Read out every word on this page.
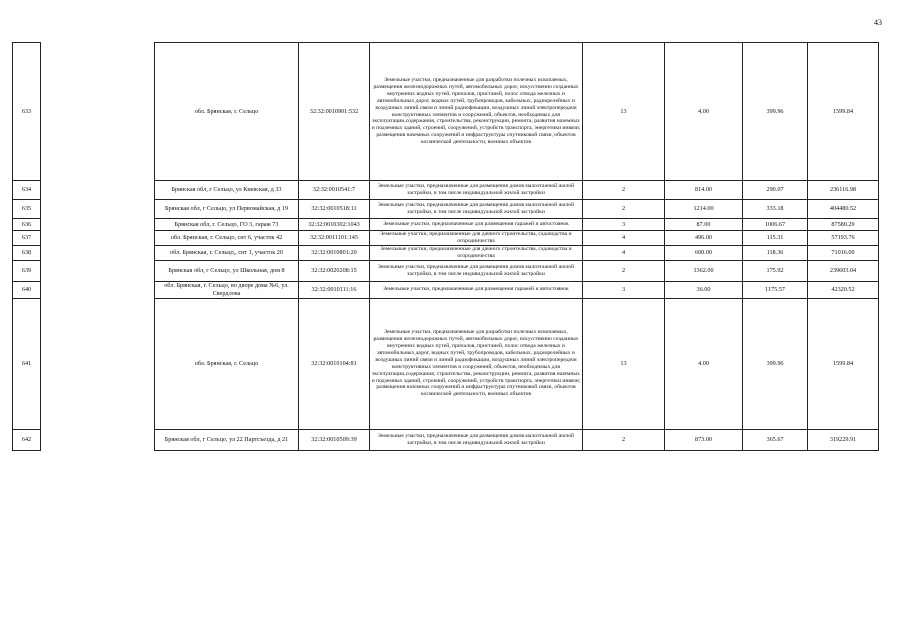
43
633		обл. Брянская, г. Сельцо	32:32:0010901:532	Земельные участки, предназначенные для разработки полезных ископаемых, размещения железнодорожных путей, автомобильных дорог, искусственно созданных внутренних водных путей, причалов, пристаней, полос отвода железных и автомобильных дорог, водных путей, трубопроводов, кабельных, радиорелейных и воздушных линий связи и линий радиофикации, воздушных линий электропередачи конструктивных элементов и сооружений, объектов, необходимых для эксплуатации,содержания, строительства, реконструкции, ремонта, развития наземных и подземных зданий, строений, сооружений, устройств транспорта, энергетики инвязи; размещения наземных сооружений и инфраструктуры спутниковой связи, объектов космической деятельности, военных объектов	13	4.00	399.96	1599.84
634		Брянская обл, г Сельцо, ул Киевская, д 33	32:32:0010541:7	Земельные участки, предназначенные для размещения домов малоэтажной жилой застройки, в том числе индивидуальной жилой застройки	2	814.00	290.07	236116.98
635		Брянская обл, г Сельцо, ул Первомайская, д 19	32:32:0010518:11	Земельные участки, предназначенные для размещения домов малоэтажной жилой застройки, в том числе индивидуальной жилой застройки	2	1214.00	333.18	404480.52
636		Брянская обл, г. Сельцо, ГО 3, гараж 73	32:32:0010302:1043	Земельные участки, предназначенные для размещения гаражей и автостоянок	3	87.00	1006.67	87580.29
637		обл. Брянская, г. Сельцо, снт 6, участок 42	32:32:0011101:145	Земельные участки, предназначенные для дачного строительства, садоводства и огородничества	4	496.00	115.31	57193.76
638		обл. Брянская, г. Сельцо,, снт 1, участок 20	32:32:0010801:20	Земельные участки, предназначенные для дачного строительства, садоводства и огородничества	4	600.00	118.36	71016.00
639		Брянская обл, г Сельцо, ул Школьная, дом 8	32:32:0020208:15	Земельные участки, предназначенные для размещения домов малоэтажной жилой застройки, в том числе индивидуальной жилой застройки	2	1362.00	175.92	239603.04
640		обл. Брянская, г. Сельцо, во дворе дома №6, ул. Свердлова	32:32:0010111:16	Земельные участки, предназначенные для размещения гаражей и автостоянок	3	36.00	1175.57	42320.52
641		обл. Брянская, г. Сельцо	32:32:0010104:81	Земельные участки, предназначенные для разработки полезных ископаемых, размещения железнодорожных путей, автомобильных дорог, искусственно созданных внутренних водных путей, причалов, пристаней, полос отвода железных и автомобильных дорог, водных путей, трубопроводов, кабельных, радиорелейных и воздушных линий связи и линий радиофикации, воздушных линий электропередачи конструктивных элементов и сооружений, объектов, необходимых для эксплуатации,содержания, строительства, реконструкции, ремонта, развития наземных и подземных зданий, строений, сооружений, устройств транспорта, энергетики инвязи; размещения наземных сооружений и инфраструктуры спутниковой связи, объектов космической деятельности, военных объектов	13	4.00	399.96	1599.84
642		Брянская обл, г Сельцо, ул 22 Партсъезда, д 21	32:32:0010509:39	Земельные участки, предназначенные для размещения домов малоэтажной жилой застройки, в том числе индивидуальной жилой застройки	2	873.00	365.67	319229.91
